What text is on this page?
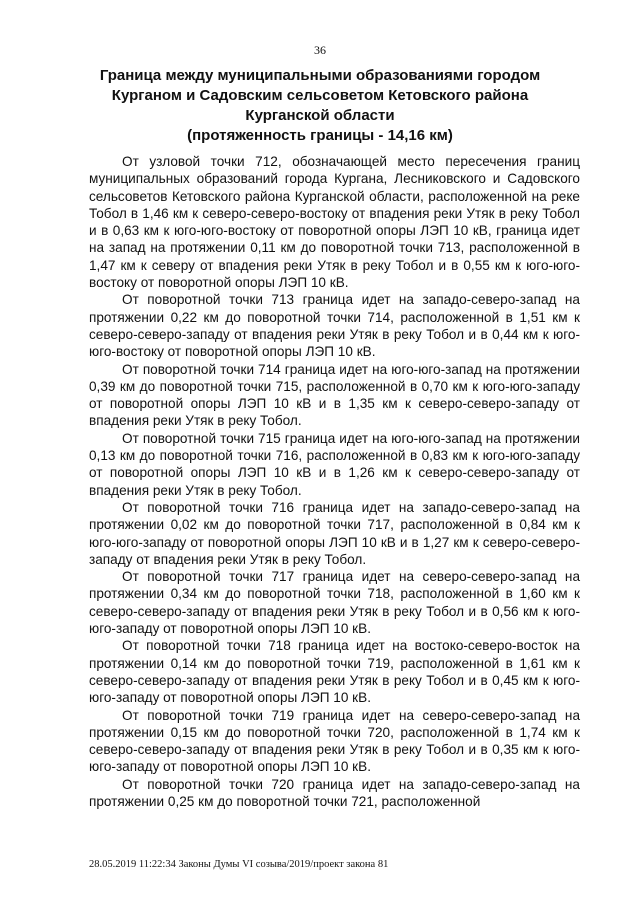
36
Граница между муниципальными образованиями городом
Курганом и Садовским сельсоветом Кетовского района
Курганской области
(протяженность границы - 14,16 км)

От узловой точки 712, обозначающей место пересечения границ муниципальных образований города Кургана, Лесниковского и Садовского сельсоветов Кетовского района Курганской области, расположенной на реке Тобол в 1,46 км к северо-северо-востоку от впадения реки Утяк в реку Тобол и в 0,63 км к юго-юго-востоку от поворотной опоры ЛЭП 10 кВ, граница идет на запад на протяжении 0,11 км до поворотной точки 713, расположенной в 1,47 км к северу от впадения реки Утяк в реку Тобол и в 0,55 км к юго-юго-востоку от поворотной опоры ЛЭП 10 кВ.

От поворотной точки 713 граница идет на западо-северо-запад на протяжении 0,22 км до поворотной точки 714, расположенной в 1,51 км к северо-северо-западу от впадения реки Утяк в реку Тобол и в 0,44 км к юго-юго-востоку от поворотной опоры ЛЭП 10 кВ.

От поворотной точки 714 граница идет на юго-юго-запад на протяжении 0,39 км до поворотной точки 715, расположенной в 0,70 км к юго-юго-западу от поворотной опоры ЛЭП 10 кВ и в 1,35 км к северо-северо-западу от впадения реки Утяк в реку Тобол.

От поворотной точки 715 граница идет на юго-юго-запад на протяжении 0,13 км до поворотной точки 716, расположенной в 0,83 км к юго-юго-западу от поворотной опоры ЛЭП 10 кВ и в 1,26 км к северо-северо-западу от впадения реки Утяк в реку Тобол.

От поворотной точки 716 граница идет на западо-северо-запад на протяжении 0,02 км до поворотной точки 717, расположенной в 0,84 км к юго-юго-западу от поворотной опоры ЛЭП 10 кВ и в 1,27 км к северо-северо-западу от впадения реки Утяк в реку Тобол.

От поворотной точки 717 граница идет на северо-северо-запад на протяжении 0,34 км до поворотной точки 718, расположенной в 1,60 км к северо-северо-западу от впадения реки Утяк в реку Тобол и в 0,56 км к юго-юго-западу от поворотной опоры ЛЭП 10 кВ.

От поворотной точки 718 граница идет на востоко-северо-восток на протяжении 0,14 км до поворотной точки 719, расположенной в 1,61 км к северо-северо-западу от впадения реки Утяк в реку Тобол и в 0,45 км к юго-юго-западу от поворотной опоры ЛЭП 10 кВ.

От поворотной точки 719 граница идет на северо-северо-запад на протяжении 0,15 км до поворотной точки 720, расположенной в 1,74 км к северо-северо-западу от впадения реки Утяк в реку Тобол и в 0,35 км к юго-юго-западу от поворотной опоры ЛЭП 10 кВ.

От поворотной точки 720 граница идет на западо-северо-запад на протяжении 0,25 км до поворотной точки 721, расположенной

28.05.2019 11:22:34 Законы Думы VI созыва/2019/проект закона 81
